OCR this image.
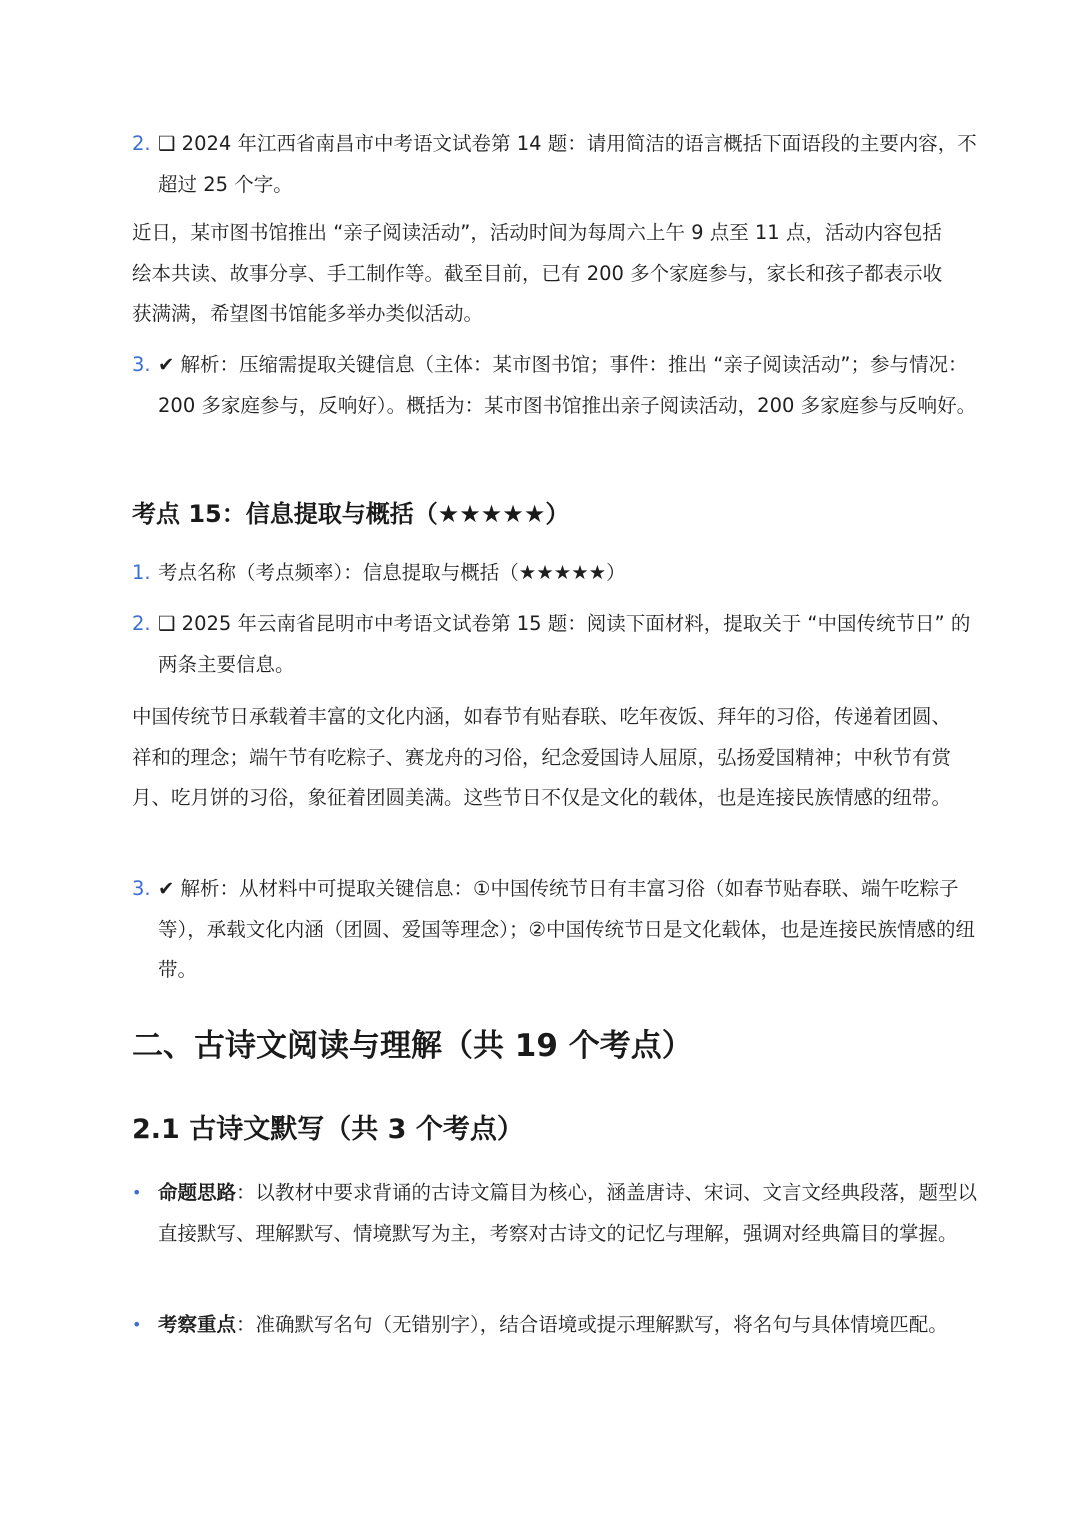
2. ❑ 2024 年江西省南昌市中考语文试卷第 14 题：请用简洁的语言概括下面语段的主要内容，不超过 25 个字。
近日，某市图书馆推出 “亲子阅读活动”，活动时间为每周六上午 9 点至 11 点，活动内容包括绘本共读、故事分享、手工制作等。截至目前，已有 200 多个家庭参与，家长和孩子都表示收获满满，希望图书馆能多举办类似活动。
3. ✔ 解析：压缩需提取关键信息（主体：某市图书馆；事件：推出 “亲子阅读活动”；参与情况：200 多家庭参与，反响好）。概括为：某市图书馆推出亲子阅读活动，200 多家庭参与反响好。
考点 15：信息提取与概括（★★★★★）
1. 考点名称（考点频率）：信息提取与概括（★★★★★）
2. ❑ 2025 年云南省昆明市中考语文试卷第 15 题：阅读下面材料，提取关于 “中国传统节日” 的两条主要信息。
中国传统节日承载着丰富的文化内涵，如春节有贴春联、吃年夜饭、拜年的习俗，传递着团圆、祥和的理念；端午节有吃粽子、赛龙舟的习俗，纪念爱国诗人屈原，弘扬爱国精神；中秋节有赏月、吃月饼的习俗，象征着团圆美满。这些节日不仅是文化的载体，也是连接民族情感的纽带。
3. ✔ 解析：从材料中可提取关键信息：①中国传统节日有丰富习俗（如春节贴春联、端午吃粽子等），承载文化内涵（团圆、爱国等理念）；②中国传统节日是文化载体，也是连接民族情感的纽带。
二、古诗文阅读与理解（共 19 个考点）
2.1 古诗文默写（共 3 个考点）
• 命题思路：以教材中要求背诵的古诗文篇目为核心，涵盖唐诗、宋词、文言文经典段落，题型以直接默写、理解默写、情境默写为主，考察对古诗文的记忆与理解，强调对经典篇目的掌握。
• 考察重点：准确默写名句（无错别字），结合语境或提示理解默写，将名句与具体情境匹配。
